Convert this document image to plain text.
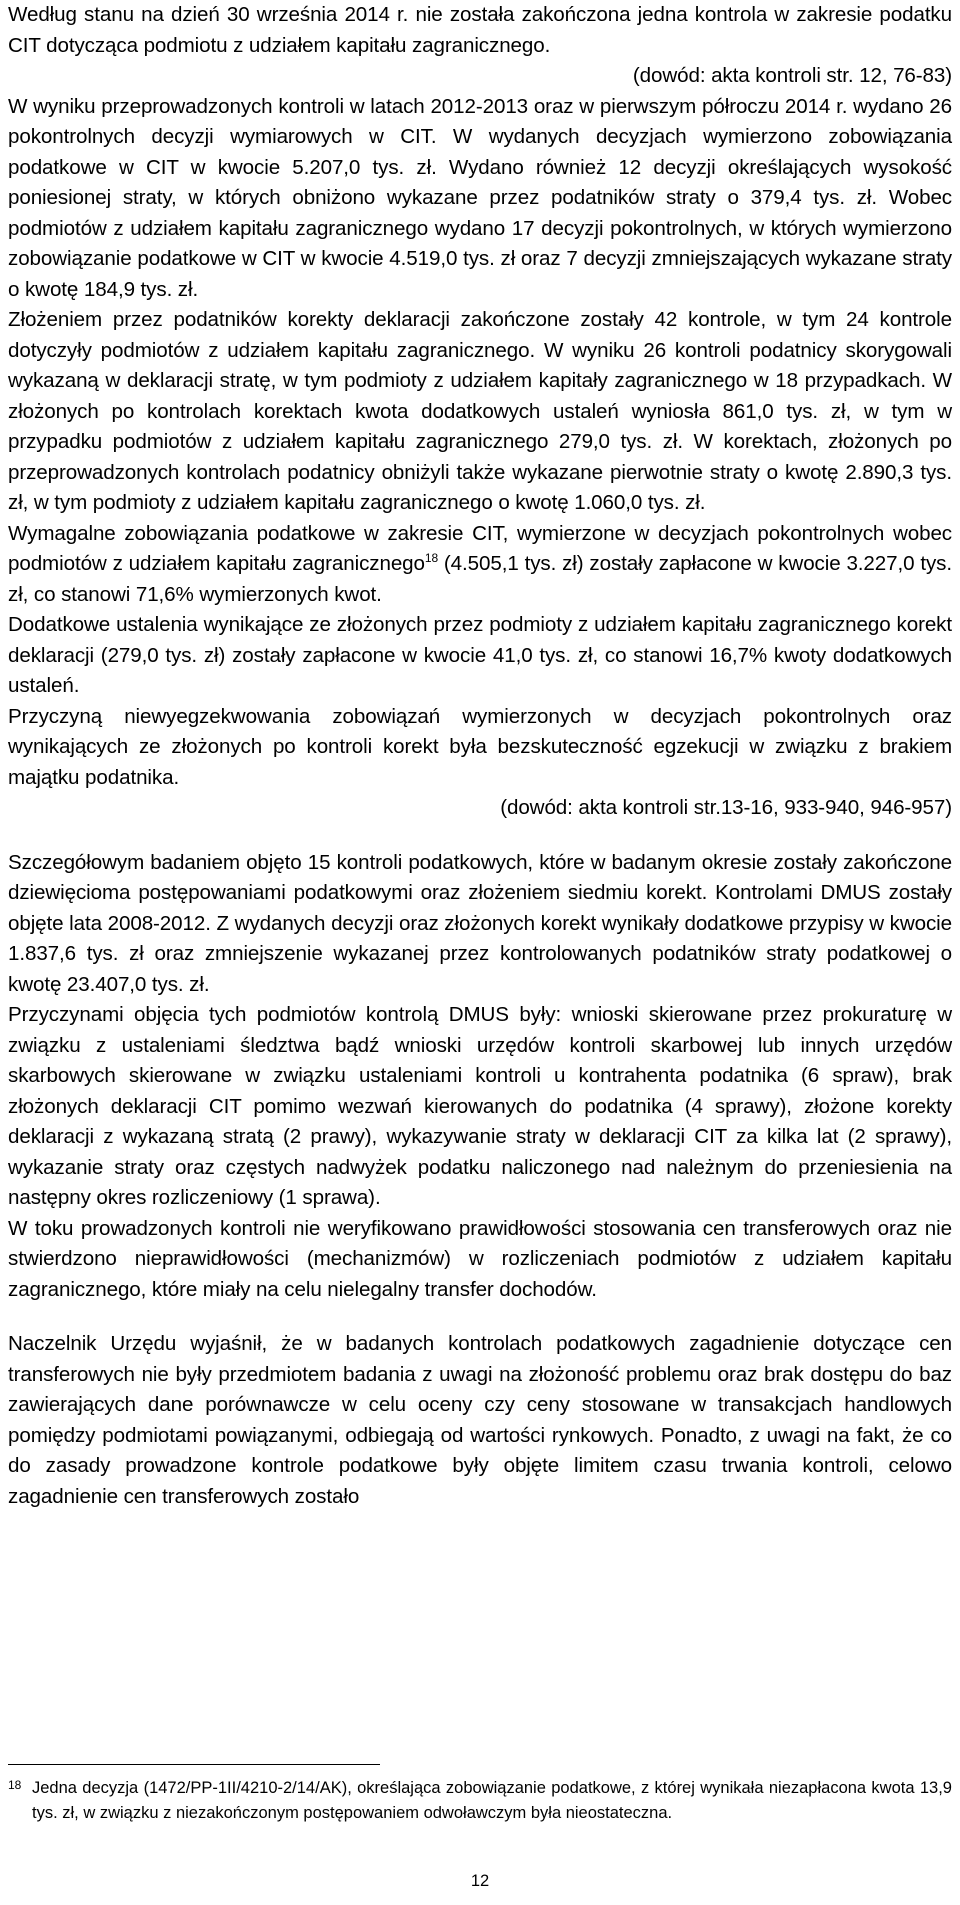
Według stanu na dzień 30 września 2014 r. nie została zakończona jedna kontrola w zakresie podatku CIT dotycząca podmiotu z udziałem kapitału zagranicznego.

(dowód: akta kontroli str. 12, 76-83)

W wyniku przeprowadzonych kontroli w latach 2012-2013 oraz w pierwszym półroczu 2014 r. wydano 26 pokontrolnych decyzji wymiarowych w CIT. W wydanych decyzjach wymierzono zobowiązania podatkowe w CIT w kwocie 5.207,0 tys. zł. Wydano również 12 decyzji określających wysokość poniesionej straty, w których obniżono wykazane przez podatników straty o 379,4 tys. zł. Wobec podmiotów z udziałem kapitału zagranicznego wydano 17 decyzji pokontrolnych, w których wymierzono zobowiązanie podatkowe w CIT w kwocie 4.519,0 tys. zł oraz 7 decyzji zmniejszających wykazane straty o kwotę 184,9 tys. zł.

Złożeniem przez podatników korekty deklaracji zakończone zostały 42 kontrole, w tym 24 kontrole dotyczyły podmiotów z udziałem kapitału zagranicznego. W wyniku 26 kontroli podatnicy skorygowali wykazaną w deklaracji stratę, w tym podmioty z udziałem kapitały zagranicznego w 18 przypadkach. W złożonych po kontrolach korektach kwota dodatkowych ustaleń wyniosła 861,0 tys. zł, w tym w przypadku podmiotów z udziałem kapitału zagranicznego 279,0 tys. zł. W korektach, złożonych po przeprowadzonych kontrolach podatnicy obniżyli także wykazane pierwotnie straty o kwotę 2.890,3 tys. zł, w tym podmioty z udziałem kapitału zagranicznego o kwotę 1.060,0 tys. zł.

Wymagalne zobowiązania podatkowe w zakresie CIT, wymierzone w decyzjach pokontrolnych wobec podmiotów z udziałem kapitału zagranicznego$^{18}$ (4.505,1 tys. zł) zostały zapłacone w kwocie 3.227,0 tys. zł, co stanowi 71,6% wymierzonych kwot.

Dodatkowe ustalenia wynikające ze złożonych przez podmioty z udziałem kapitału zagranicznego korekt deklaracji (279,0 tys. zł) zostały zapłacone w kwocie 41,0 tys. zł, co stanowi 16,7% kwoty dodatkowych ustaleń.

Przyczyną niewyegzekwowania zobowiązań wymierzonych w decyzjach pokontrolnych oraz wynikających ze złożonych po kontroli korekt była bezskuteczność egzekucji w związku z brakiem majątku podatnika.

(dowód: akta kontroli str.13-16, 933-940, 946-957)

Szczegółowym badaniem objęto 15 kontroli podatkowych, które w badanym okresie zostały zakończone dziewięcioma postępowaniami podatkowymi oraz złożeniem siedmiu korekt. Kontrolami DMUS zostały objęte lata 2008-2012. Z wydanych decyzji oraz złożonych korekt wynikały dodatkowe przypisy w kwocie 1.837,6 tys. zł oraz zmniejszenie wykazanej przez kontrolowanych podatników straty podatkowej o kwotę 23.407,0 tys. zł.

Przyczynami objęcia tych podmiotów kontrolą DMUS były: wnioski skierowane przez prokuraturę w związku z ustaleniami śledztwa bądź wnioski urzędów kontroli skarbowej lub innych urzędów skarbowych skierowane w związku ustaleniami kontroli u kontrahenta podatnika (6 spraw), brak złożonych deklaracji CIT pomimo wezwań kierowanych do podatnika (4 sprawy), złożone korekty deklaracji z wykazaną stratą (2 prawy), wykazywanie straty w deklaracji CIT za kilka lat (2 sprawy), wykazanie straty oraz częstych nadwyżek podatku naliczonego nad należnym do przeniesienia na następny okres rozliczeniowy (1 sprawa).

W toku prowadzonych kontroli nie weryfikowano prawidłowości stosowania cen transferowych oraz nie stwierdzono nieprawidłowości (mechanizmów) w rozliczeniach podmiotów z udziałem kapitału zagranicznego, które miały na celu nielegalny transfer dochodów.

Naczelnik Urzędu wyjaśnił, że w badanych kontrolach podatkowych zagadnienie dotyczące cen transferowych nie były przedmiotem badania z uwagi na złożoność problemu oraz brak dostępu do baz zawierających dane porównawcze w celu oceny czy ceny stosowane w transakcjach handlowych pomiędzy podmiotami powiązanymi, odbiegają od wartości rynkowych. Ponadto, z uwagi na fakt, że co do zasady prowadzone kontrole podatkowe były objęte limitem czasu trwania kontroli, celowo zagadnienie cen transferowych zostało

18 Jedna decyzja (1472/PP-1II/4210-2/14/AK), określająca zobowiązanie podatkowe, z której wynikała niezapłacona kwota 13,9 tys. zł, w związku z niezakończonym postępowaniem odwoławczym była nieostateczna.
12
